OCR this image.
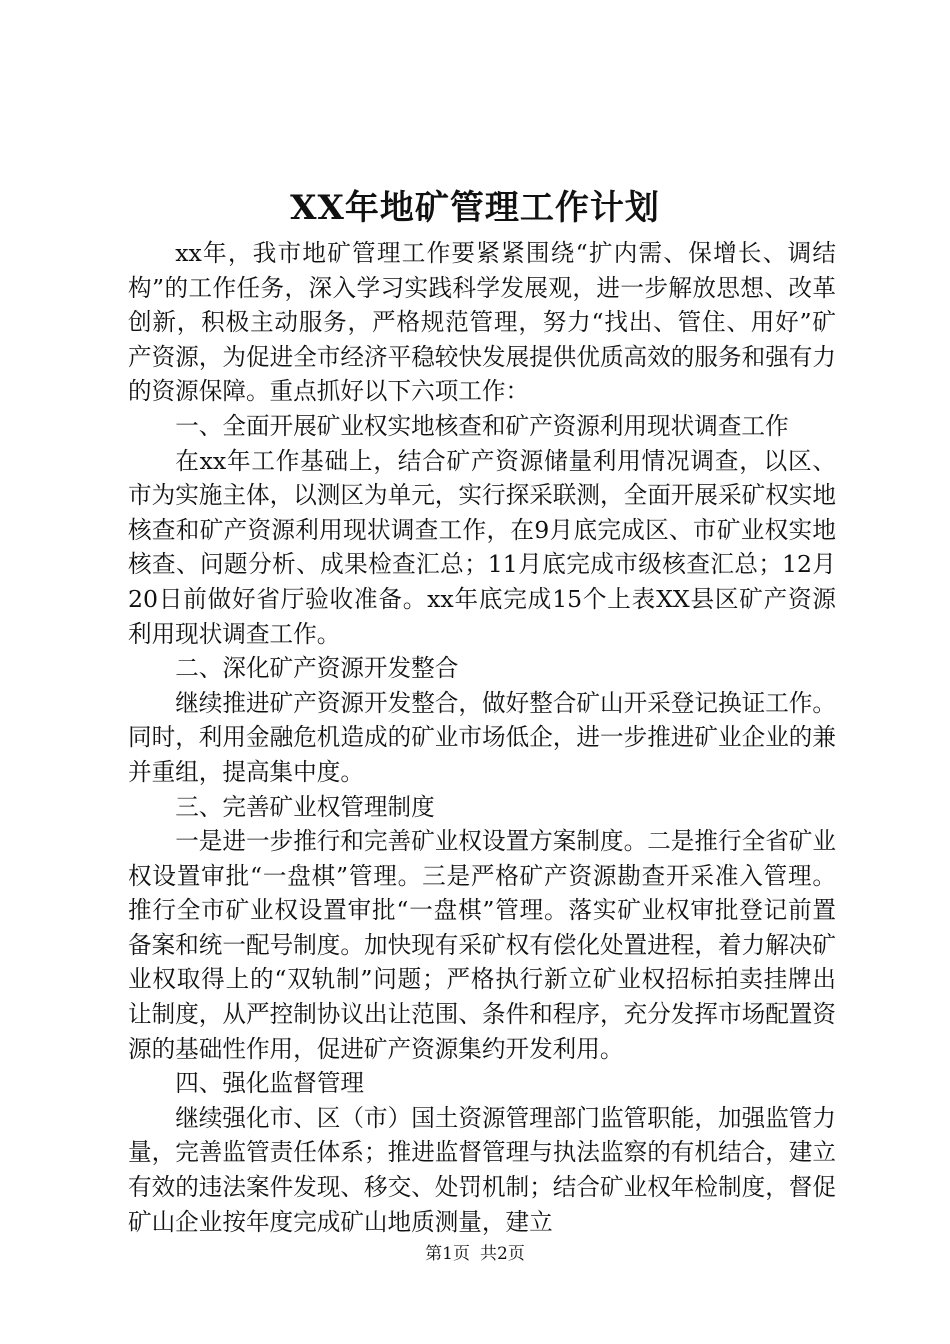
XX年地矿管理工作计划

xx年，我市地矿管理工作要紧紧围绕“扩内需、保增长、调结构”的工作任务，深入学习实践科学发展观，进一步解放思想、改革创新，积极主动服务，严格规范管理，努力“找出、管住、用好”矿产资源，为促进全市经济平稳较快发展提供优质高效的服务和强有力的资源保障。重点抓好以下六项工作：

一、全面开展矿业权实地核查和矿产资源利用现状调查工作

在xx年工作基础上，结合矿产资源储量利用情况调查，以区、市为实施主体，以测区为单元，实行探采联测，全面开展采矿权实地核查和矿产资源利用现状调查工作，在9月底完成区、市矿业权实地核查、问题分析、成果检查汇总；11月底完成市级核查汇总；12月20日前做好省厅验收准备。xx年底完成15个上表XX县区矿产资源利用现状调查工作。

二、深化矿产资源开发整合

继续推进矿产资源开发整合，做好整合矿山开采登记换证工作。同时，利用金融危机造成的矿业市场低企，进一步推进矿业企业的兼并重组，提高集中度。

三、完善矿业权管理制度

一是进一步推行和完善矿业权设置方案制度。二是推行全省矿业权设置审批“一盘棋”管理。三是严格矿产资源勘查开采准入管理。推行全市矿业权设置审批“一盘棋”管理。落实矿业权审批登记前置备案和统一配号制度。加快现有采矿权有偿化处置进程，着力解决矿业权取得上的“双轨制”问题；严格执行新立矿业权招标拍卖挂牌出让制度，从严控制协议出让范围、条件和程序，充分发挥市场配置资源的基础性作用，促进矿产资源集约开发利用。

四、强化监督管理

继续强化市、区（市）国土资源管理部门监管职能，加强监管力量，完善监管责任体系；推进监督管理与执法监察的有机结合，建立有效的违法案件发现、移交、处罚机制；结合矿业权年检制度，督促矿山企业按年度完成矿山地质测量，建立

第1页 共2页
